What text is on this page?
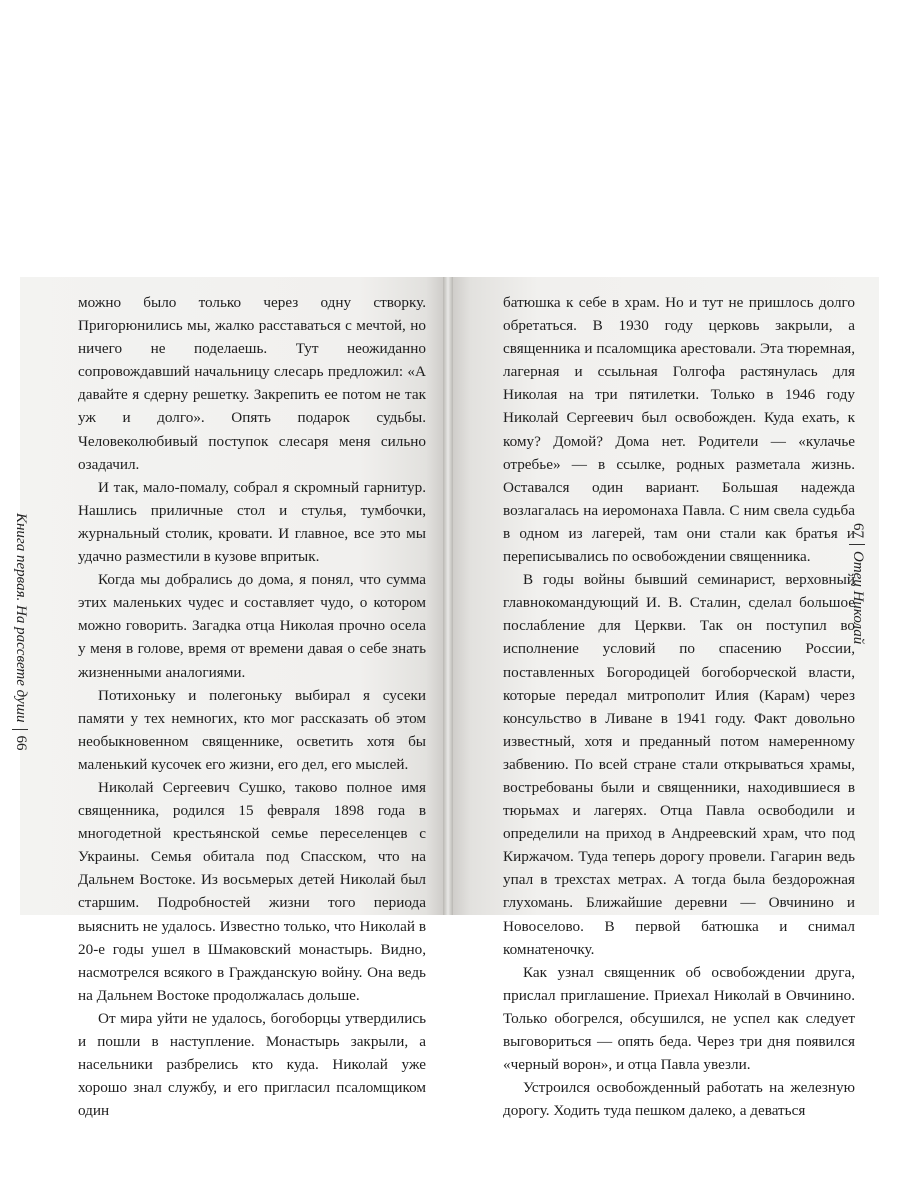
66
Книга первая. На рассвете души

можно было только через одну створку. Пригорюнились мы, жалко расставаться с мечтой, но ничего не поделаешь. Тут неожиданно сопровождавший начальницу слесарь предложил: «А давайте я сдерну решетку. Закрепить ее потом не так уж и долго». Опять подарок судьбы. Человеколюбивый поступок слесаря меня сильно озадачил.

И так, мало-помалу, собрал я скромный гарнитур. Нашлись приличные стол и стулья, тумбочки, журнальный столик, кровати. И главное, все это мы удачно разместили в кузове впритык.

Когда мы добрались до дома, я понял, что сумма этих маленьких чудес и составляет чудо, о котором можно говорить. Загадка отца Николая прочно осела у меня в голове, время от времени давая о себе знать жизненными аналогиями.

Потихоньку и полегоньку выбирал я сусеки памяти у тех немногих, кто мог рассказать об этом необыкновенном священнике, осветить хотя бы маленький кусочек его жизни, его дел, его мыслей.

Николай Сергеевич Сушко, таково полное имя священника, родился 15 февраля 1898 года в многодетной крестьянской семье переселенцев с Украины. Семья обитала под Спасском, что на Дальнем Востоке. Из восьмерых детей Николай был старшим. Подробностей жизни того периода выяснить не удалось. Известно только, что Николай в 20-е годы ушел в Шмаковский монастырь. Видно, насмотрелся всякого в Гражданскую войну. Она ведь на Дальнем Востоке продолжалась дольше.

От мира уйти не удалось, богоборцы утвердились и пошли в наступление. Монастырь закрыли, а насельники разбрелись кто куда. Николай уже хорошо знал службу, и его пригласил псаломщиком один

67
Отец Николай

батюшка к себе в храм. Но и тут не пришлось долго обретаться. В 1930 году церковь закрыли, а священника и псаломщика арестовали. Эта тюремная, лагерная и ссыльная Голгофа растянулась для Николая на три пятилетки. Только в 1946 году Николай Сергеевич был освобожден. Куда ехать, к кому? Домой? Дома нет. Родители — «кулачье отребье» — в ссылке, родных разметала жизнь. Оставался один вариант. Большая надежда возлагалась на иеромонаха Павла. С ним свела судьба в одном из лагерей, там они стали как братья и переписывались по освобождении священника.

В годы войны бывший семинарист, верховный главнокомандующий И. В. Сталин, сделал большое послабление для Церкви. Так он поступил во исполнение условий по спасению России, поставленных Богородицей богоборческой власти, которые передал митрополит Илия (Карам) через консульство в Ливане в 1941 году. Факт довольно известный, хотя и преданный потом намеренному забвению. По всей стране стали открываться храмы, востребованы были и священники, находившиеся в тюрьмах и лагерях. Отца Павла освободили и определили на приход в Андреевский храм, что под Киржачом. Туда теперь дорогу провели. Гагарин ведь упал в трехстах метрах. А тогда была бездорожная глухомань. Ближайшие деревни — Овчинино и Новоселово. В первой батюшка и снимал комнатеночку.

Как узнал священник об освобождении друга, прислал приглашение. Приехал Николай в Овчинино. Только обогрелся, обсушился, не успел как следует выговориться — опять беда. Через три дня появился «черный ворон», и отца Павла увезли.

Устроился освобожденный работать на железную дорогу. Ходить туда пешком далеко, а деваться
